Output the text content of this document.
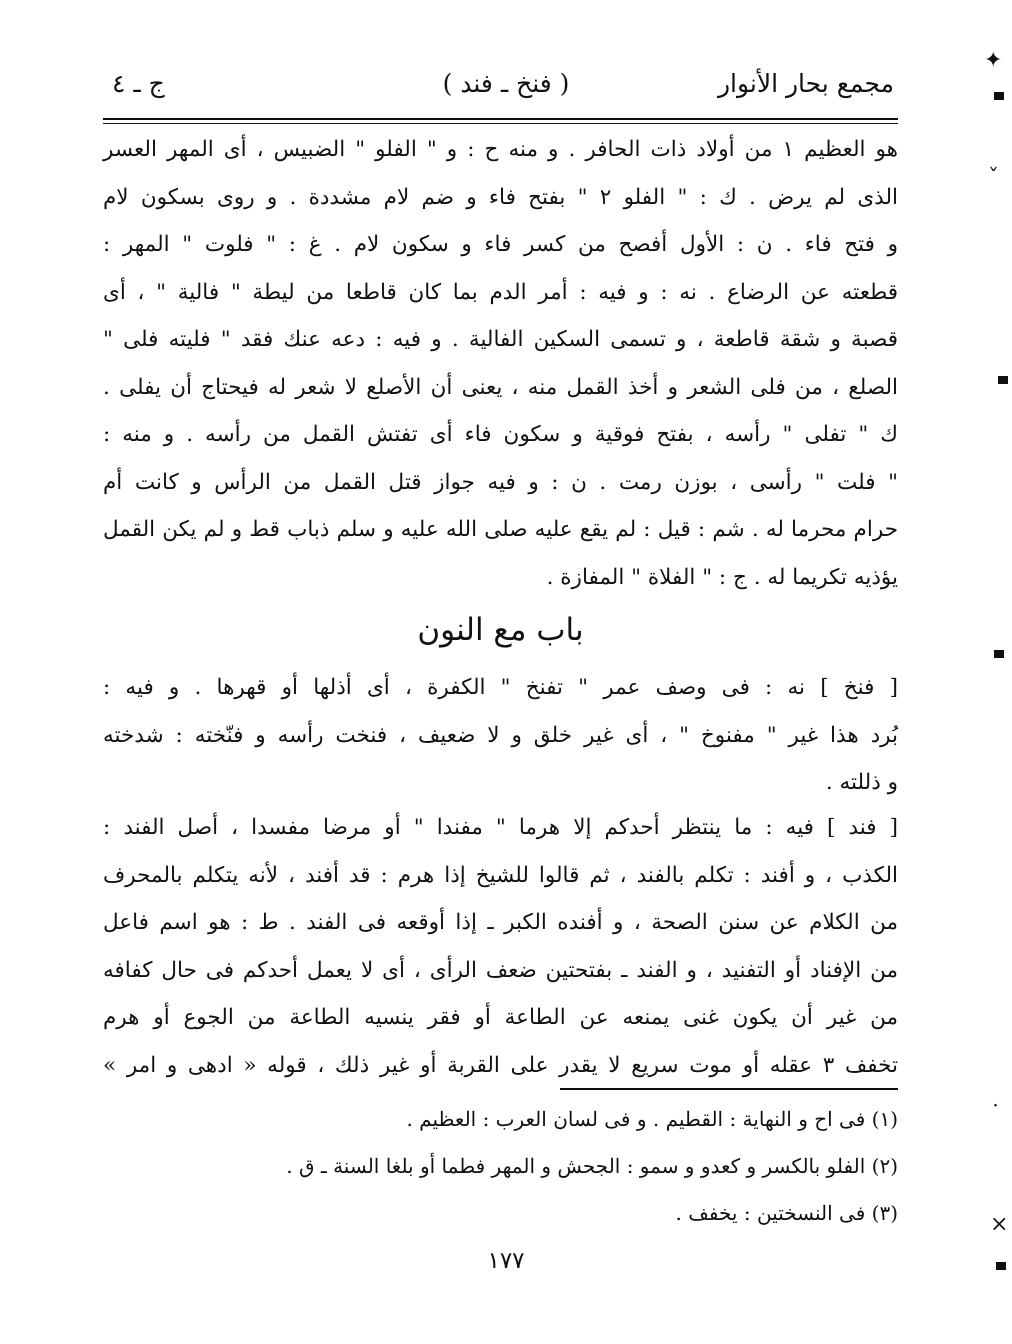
مجمع بحار الأنوار
( فنخ ـ فند )
ج ـ ٤

هو العظيم ١ من أولاد ذات الحافر . و منه ح : و " الفلو " الضبيس ، أى المهر العسر

الذى لم يرض . ك : " الفلو ٢ " بفتح فاء و ضم لام مشددة . و روى بسكون لام

و فتح فاء . ن : الأول أفصح من كسر فاء و سكون لام . غ : " فلوت " المهر :

قطعته عن الرضاع . نه : و فيه : أمر الدم بما كان قاطعا من ليطة " فالية " ، أى

قصبة و شقة قاطعة ، و تسمى السكين الفالية . و فيه : دعه عنك فقد " فليته فلى "

الصلع ، من فلى الشعر و أخذ القمل منه ، يعنى أن الأصلع لا شعر له فيحتاج أن يفلى .

ك " تفلى " رأسه ، بفتح فوقية و سكون فاء أى تفتش القمل من رأسه . و منه :

" فلت " رأسى ، بوزن رمت . ن : و فيه جواز قتل القمل من الرأس و كانت أم

حرام محرما له . شم : قيل : لم يقع عليه صلى الله عليه و سلم ذباب قط و لم يكن القمل

يؤذيه تكريما له . ج : " الفلاة " المفازة .

باب مع النون

[ فنخ ] نه : فى وصف عمر " تفنخ " الكفرة ، أى أذلها أو قهرها . و فيه :

بُرد هذا غير " مفنوخ " ، أى غير خلق و لا ضعيف ، فنخت رأسه و فنّخته : شدخته

و ذللته .

[ فند ] فيه : ما ينتظر أحدكم إلا هرما " مفندا " أو مرضا مفسدا ، أصل الفند :

الكذب ، و أفند : تكلم بالفند ، ثم قالوا للشيخ إذا هرم : قد أفند ، لأنه يتكلم بالمحرف

من الكلام عن سنن الصحة ، و أفنده الكبر ـ إذا أوقعه فى الفند . ط : هو اسم فاعل

من الإفناد أو التفنيد ، و الفند ـ بفتحتين ضعف الرأى ، أى لا يعمل أحدكم فى حال كفافه

من غير أن يكون غنى يمنعه عن الطاعة أو فقر ينسيه الطاعة من الجوع أو هرم

تخفف ٣ عقله أو موت سريع لا يقدر على القربة أو غير ذلك ، قوله « ادهى و امر »

(١) فى اح و النهاية : القطيم . و فى لسان العرب : العظيم .

(٢) الفلو بالكسر و كعدو و سمو : الجحش و المهر فطما أو بلغا السنة ـ ق .

(٣) فى النسختين : يخفف .

١٧٧
✦
ˇ
˙
×
